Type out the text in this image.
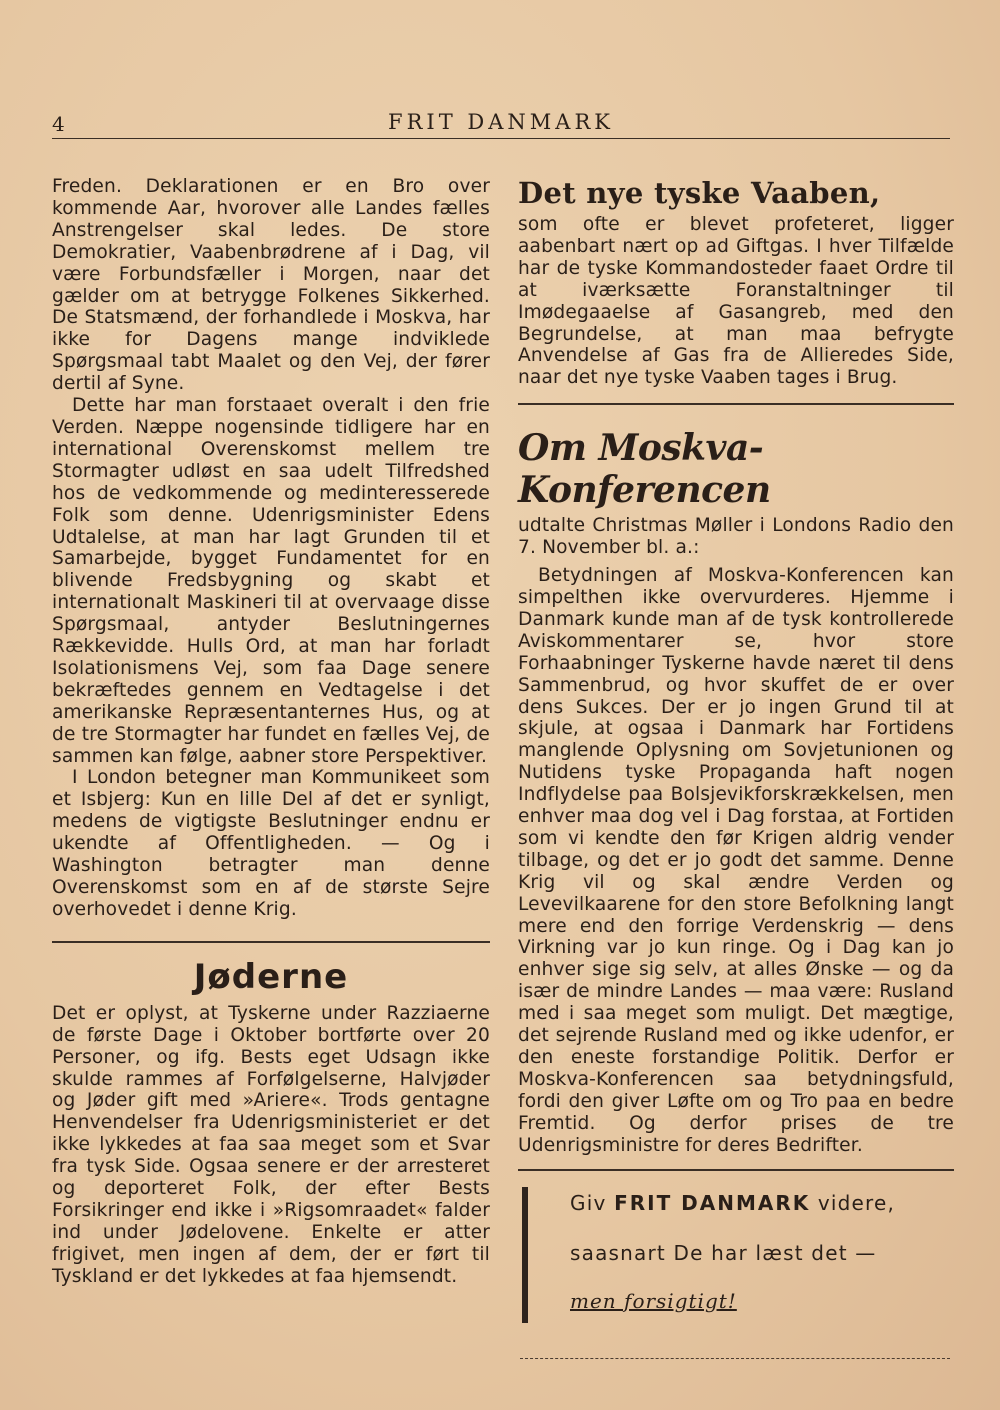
4	FRIT DANMARK

Freden. Deklarationen er en Bro over kommende Aar, hvorover alle Landes fælles Anstrengelser skal ledes. De store Demokratier, Vaabenbrødrene af i Dag, vil være Forbundsfæller i Morgen, naar det gælder om at betrygge Folkenes Sikkerhed. De Statsmænd, der forhandlede i Moskva, har ikke for Dagens mange indviklede Spørgsmaal tabt Maalet og den Vej, der fører dertil af Syne.

Dette har man forstaaet overalt i den frie Verden. Næppe nogensinde tidligere har en international Overenskomst mellem tre Stormagter udløst en saa udelt Tilfredshed hos de vedkommende og medinteresserede Folk som denne. Udenrigsminister Edens Udtalelse, at man har lagt Grunden til et Samarbejde, bygget Fundamentet for en blivende Fredsbygning og skabt et internationalt Maskineri til at overvaage disse Spørgsmaal, antyder Beslutningernes Rækkevidde. Hulls Ord, at man har forladt Isolationismens Vej, som faa Dage senere bekræftedes gennem en Vedtagelse i det amerikanske Repræsentanternes Hus, og at de tre Stormagter har fundet en fælles Vej, de sammen kan følge, aabner store Perspektiver.

I London betegner man Kommunikeet som et Isbjerg: Kun en lille Del af det er synligt, medens de vigtigste Beslutninger endnu er ukendte af Offentligheden. — Og i Washington betragter man denne Overenskomst som en af de største Sejre overhovedet i denne Krig.

Jøderne

Det er oplyst, at Tyskerne under Razziaerne de første Dage i Oktober bortførte over 20 Personer, og ifg. Bests eget Udsagn ikke skulde rammes af Forfølgelserne, Halvjøder og Jøder gift med »Ariere«. Trods gentagne Henvendelser fra Udenrigsministeriet er det ikke lykkedes at faa saa meget som et Svar fra tysk Side. Ogsaa senere er der arresteret og deporteret Folk, der efter Bests Forsikringer end ikke i »Rigsomraadet« falder ind under Jødelovene. Enkelte er atter frigivet, men ingen af dem, der er ført til Tyskland er det lykkedes at faa hjemsendt.

Det nye tyske Vaaben,

som ofte er blevet profeteret, ligger aabenbart nært op ad Giftgas. I hver Tilfælde har de tyske Kommandosteder faaet Ordre til at iværksætte Foranstaltninger til Imødegaaelse af Gasangreb, med den Begrundelse, at man maa befrygte Anvendelse af Gas fra de Allieredes Side, naar det nye tyske Vaaben tages i Brug.

Om Moskva-Konferencen

udtalte Christmas Møller i Londons Radio den 7. November bl. a.:

Betydningen af Moskva-Konferencen kan simpelthen ikke overvurderes. Hjemme i Danmark kunde man af de tysk kontrollerede Aviskommentarer se, hvor store Forhaabninger Tyskerne havde næret til dens Sammenbrud, og hvor skuffet de er over dens Sukces. Der er jo ingen Grund til at skjule, at ogsaa i Danmark har Fortidens manglende Oplysning om Sovjetunionen og Nutidens tyske Propaganda haft nogen Indflydelse paa Bolsjevikforskrækkelsen, men enhver maa dog vel i Dag forstaa, at Fortiden som vi kendte den før Krigen aldrig vender tilbage, og det er jo godt det samme. Denne Krig vil og skal ændre Verden og Levevilkaarene for den store Befolkning langt mere end den forrige Verdenskrig — dens Virkning var jo kun ringe. Og i Dag kan jo enhver sige sig selv, at alles Ønske — og da især de mindre Landes — maa være: Rusland med i saa meget som muligt. Det mægtige, det sejrende Rusland med og ikke udenfor, er den eneste forstandige Politik. Derfor er Moskva-Konferencen saa betydningsfuld, fordi den giver Løfte om og Tro paa en bedre Fremtid. Og derfor prises de tre Udenrigsministre for deres Bedrifter.

Giv FRIT DANMARK videre,
saasnart De har læst det —
men forsigtigt!
